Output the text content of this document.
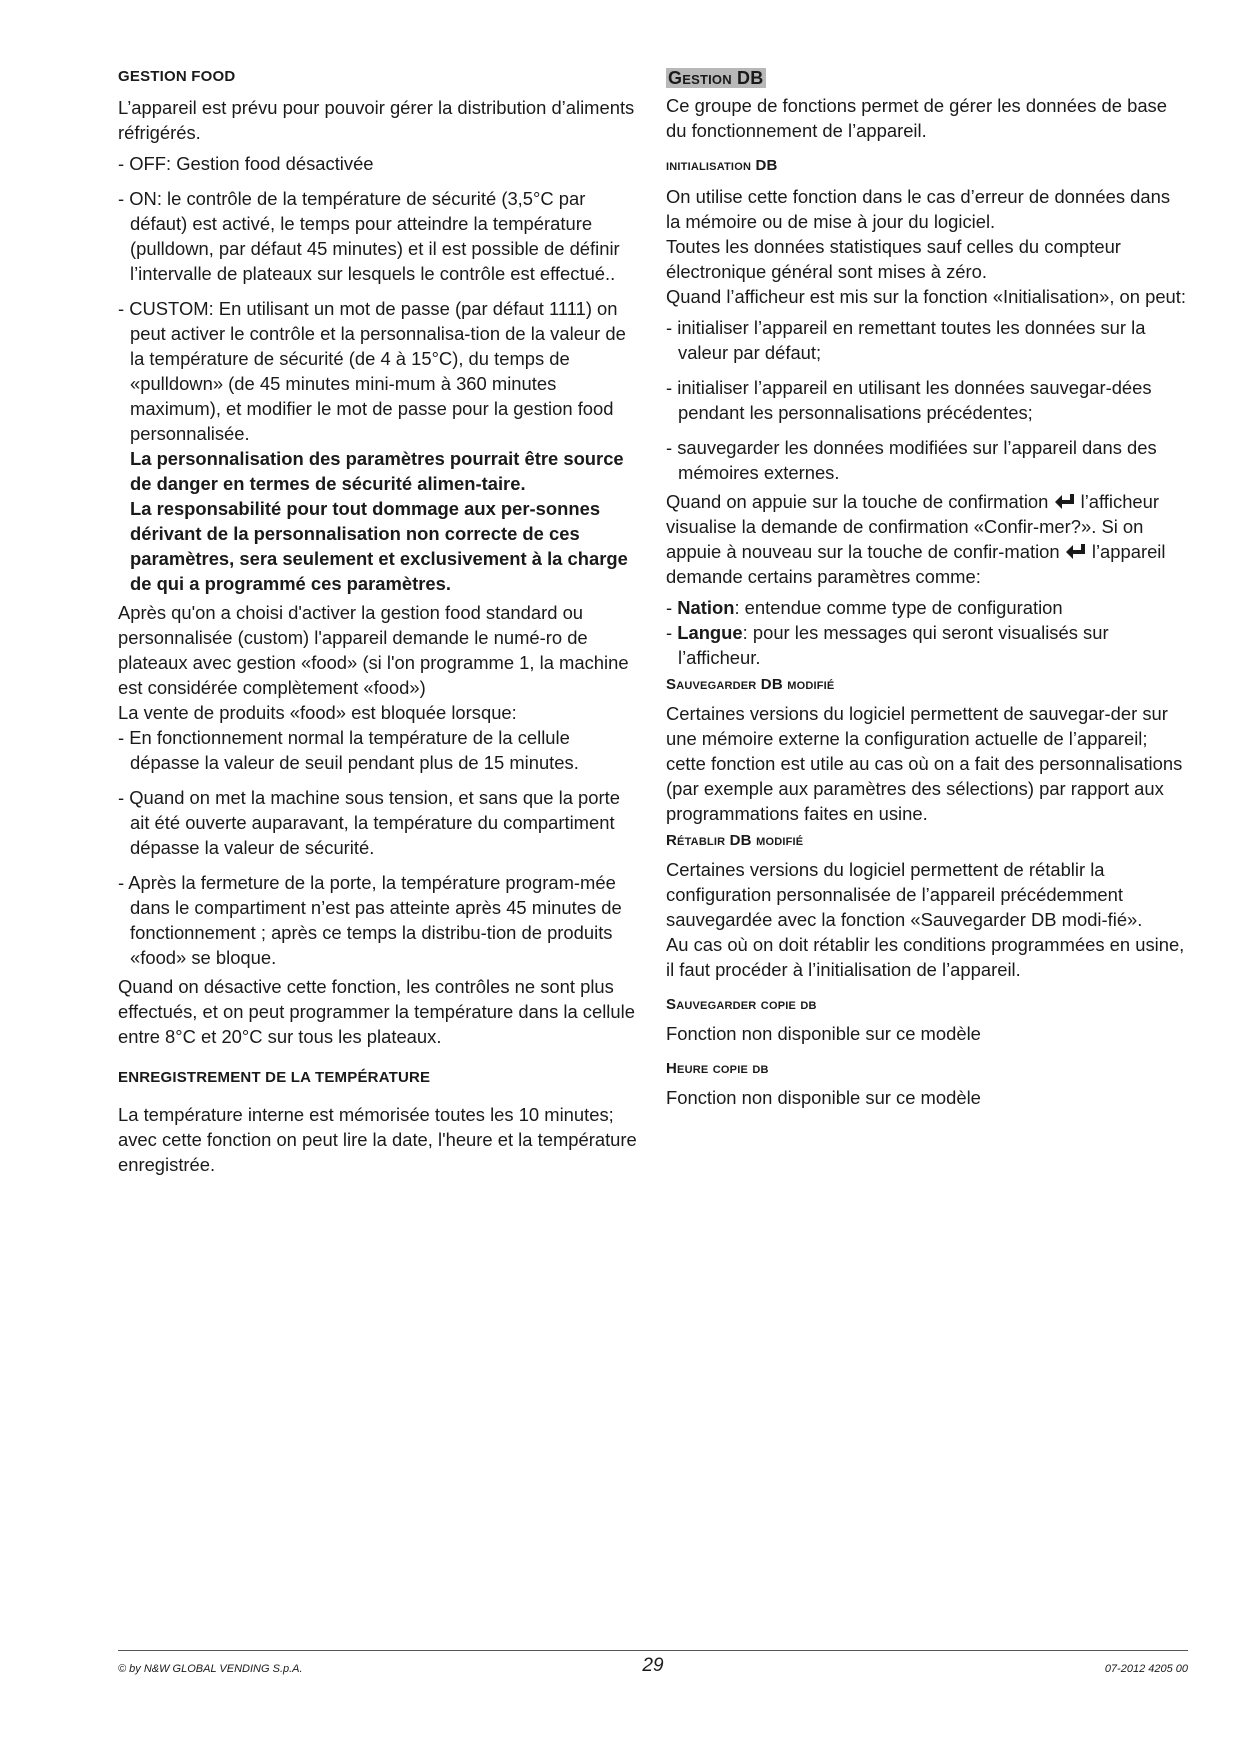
GESTION FOOD

L’appareil est prévu pour pouvoir gérer la distribution d’aliments réfrigérés.

- OFF: Gestion food désactivée

- ON: le contrôle de la température de sécurité (3,5°C par défaut) est activé, le temps pour atteindre la température (pulldown, par défaut 45 minutes) et il est possible de définir l’intervalle de plateaux sur lesquels le contrôle est effectué..

- CUSTOM: En utilisant un mot de passe (par défaut 1111) on peut activer le contrôle et la personnalisa-tion de la valeur de la température de sécurité (de 4 à 15°C), du temps de «pulldown» (de 45 minutes mini-mum à 360 minutes maximum), et modifier le mot de passe pour la gestion food personnalisée.

La personnalisation des paramètres pourrait être source de danger en termes de sécurité alimen-taire.

La responsabilité pour tout dommage aux per-sonnes dérivant de la personnalisation non correcte de ces paramètres, sera seulement et exclusivement à la charge de qui a programmé ces paramètres.

Après qu'on a choisi d'activer la gestion food standard ou personnalisée (custom) l'appareil demande le numé-ro de plateaux avec gestion «food» (si l'on programme 1, la machine est considérée complètement «food»)

La vente de produits «food» est bloquée lorsque:

- En fonctionnement normal la température de la cellule dépasse la valeur de seuil pendant plus de 15 minutes.

- Quand on met la machine sous tension, et sans que la porte ait été ouverte auparavant, la température du compartiment dépasse la valeur de sécurité.

- Après la fermeture de la porte, la température program-mée dans le compartiment n’est pas atteinte après 45 minutes de fonctionnement ; après ce temps la distribu-tion de produits «food» se bloque.

Quand on désactive cette fonction, les contrôles ne sont plus effectués, et on peut programmer la température dans la cellule entre 8°C et 20°C sur tous les plateaux.

ENREGISTREMENT DE LA TEMPÉRATURE

La température interne est mémorisée toutes les 10 minutes; avec cette fonction on peut lire la date, l'heure et la température enregistrée.

Gestion DB

Ce groupe de fonctions permet de gérer les données de base du fonctionnement de l’appareil.

initialisation DB

On utilise cette fonction dans le cas d’erreur de données dans la mémoire ou de mise à jour du logiciel.

Toutes les données statistiques sauf celles du compteur électronique général sont mises à zéro.

Quand l’afficheur est mis sur la fonction «Initialisation», on peut:

- initialiser l’appareil en remettant toutes les données sur la valeur par défaut;

- initialiser l’appareil en utilisant les données sauvegar-dées pendant les personnalisations précédentes;

- sauvegarder les données modifiées sur l’appareil dans des mémoires externes.

Quand on appuie sur la touche de confirmation l’afficheur visualise la demande de confirmation «Confir-mer?». Si on appuie à nouveau sur la touche de confir-mation l’appareil demande certains paramètres comme:

- Nation: entendue comme type de configuration

- Langue: pour les messages qui seront visualisés sur l’afficheur.

Sauvegarder DB modifié

Certaines versions du logiciel permettent de sauvegar-der sur une mémoire externe la configuration actuelle de l’appareil; cette fonction est utile au cas où on a fait des personnalisations (par exemple aux paramètres des sélections) par rapport aux programmations faites en usine.

Rétablir DB modifié

Certaines versions du logiciel permettent de rétablir la configuration personnalisée de l’appareil précédemment sauvegardée avec la fonction «Sauvegarder DB modi-fié».

Au cas où on doit rétablir les conditions programmées en usine, il faut procéder à l’initialisation de l’appareil.

Sauvegarder copie db

Fonction non disponible sur ce modèle

Heure copie db

Fonction non disponible sur ce modèle

© by N&W GLOBAL VENDING S.p.A.	29	07-2012 4205 00
